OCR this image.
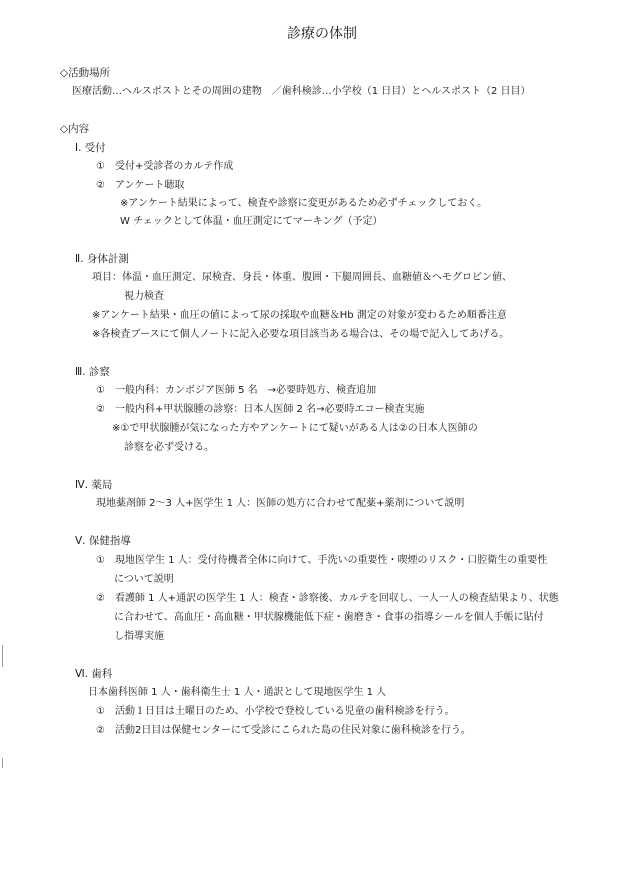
診療の体制
◇活動場所
医療活動…ヘルスポストとその周囲の建物　／歯科検診…小学校（1 日目）とヘルスポスト（2 日目）
◇内容
Ⅰ. 受付
①　受付+受診者のカルテ作成
②　アンケート聴取
※アンケート結果によって、検査や診察に変更があるため必ずチェックしておく。
W チェックとして体温・血圧測定にてマーキング（予定）
Ⅱ. 身体計測
項目：体温・血圧測定、尿検査、身長・体重、腹囲・下腿周囲長、血糖値＆ヘモグロビン値、
視力検査
※アンケート結果・血圧の値によって尿の採取や血糖＆Hb 測定の対象が変わるため順番注意
※各検査ブースにて個人ノートに記入必要な項目該当ある場合は、その場で記入してあげる。
Ⅲ. 診察
①　一般内科：カンボジア医師 5 名　→必要時処方、検査追加
②　一般内科+甲状腺腫の診察：日本人医師 2 名→必要時エコー検査実施
※①で甲状腺腫が気になった方やアンケートにて疑いがある人は②の日本人医師の
診察を必ず受ける。
Ⅳ. 薬局
現地薬剤師 2～3 人+医学生 1 人：医師の処方に合わせて配薬+薬剤について説明
Ⅴ. 保健指導
①　現地医学生 1 人：受付待機者全体に向けて、手洗いの重要性・喫煙のリスク・口腔衛生の重要性
について説明
②　看護師 1 人+通訳の医学生 1 人：検査・診察後、カルテを回収し、一人一人の検査結果より、状態
に合わせて、高血圧・高血糖・甲状腺機能低下症・歯磨き・食事の指導シールを個人手帳に貼付
し指導実施
Ⅵ. 歯科
日本歯科医師 1 人・歯科衛生士 1 人・通訳として現地医学生 1 人
①　活動１日目は土曜日のため、小学校で登校している児童の歯科検診を行う。
②　活動2日目は保健センターにて受診にこられた島の住民対象に歯科検診を行う。
